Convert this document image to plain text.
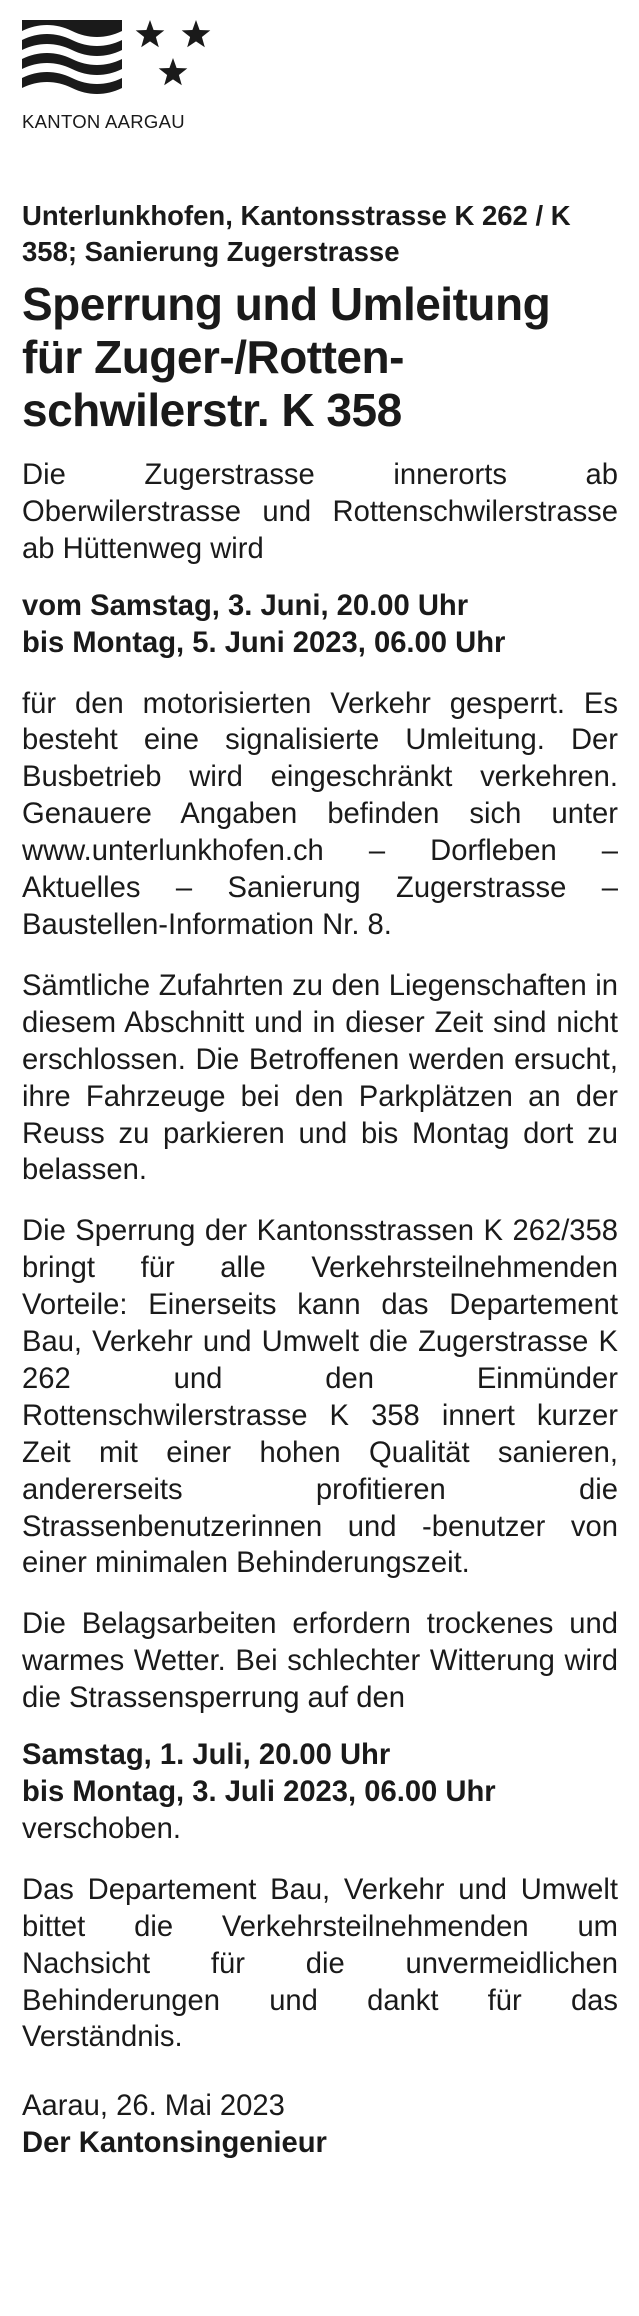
KANTON AARGAU
Unterlunkhofen, Kantonsstrasse K 262 / K 358; Sanierung Zugerstrasse
Sperrung und Umleitung für Zuger-/Rottenschwilerstr. K 358

Die Zugerstrasse innerorts ab Oberwilerstrasse und Rottenschwilerstrasse ab Hüttenweg wird

vom Samstag, 3. Juni, 20.00 Uhr

bis Montag, 5. Juni 2023, 06.00 Uhr

für den motorisierten Verkehr gesperrt. Es besteht eine signalisierte Umleitung. Der Busbetrieb wird eingeschränkt verkehren. Genauere Angaben befinden sich unter www.unterlunkhofen.ch – Dorfleben – Aktuelles – Sanierung Zugerstrasse – Baustellen-Information Nr. 8.

Sämtliche Zufahrten zu den Liegenschaften in diesem Abschnitt und in dieser Zeit sind nicht erschlossen. Die Betroffenen werden ersucht, ihre Fahrzeuge bei den Parkplätzen an der Reuss zu parkieren und bis Montag dort zu belassen.

Die Sperrung der Kantonsstrassen K 262/358 bringt für alle Verkehrsteilnehmenden Vorteile: Einerseits kann das Departement Bau, Verkehr und Umwelt die Zugerstrasse K 262 und den Einmünder Rottenschwilerstrasse K 358 innert kurzer Zeit mit einer hohen Qualität sanieren, andererseits profitieren die Strassenbenutzerinnen und -benutzer von einer minimalen Behinderungszeit.

Die Belagsarbeiten erfordern trockenes und warmes Wetter. Bei schlechter Witterung wird die Strassensperrung auf den

Samstag, 1. Juli, 20.00 Uhr

bis Montag, 3. Juli 2023, 06.00 Uhr

verschoben.

Das Departement Bau, Verkehr und Umwelt bittet die Verkehrsteilnehmenden um Nachsicht für die unvermeidlichen Behinderungen und dankt für das Verständnis.

Aarau, 26. Mai 2023

Der Kantonsingenieur
